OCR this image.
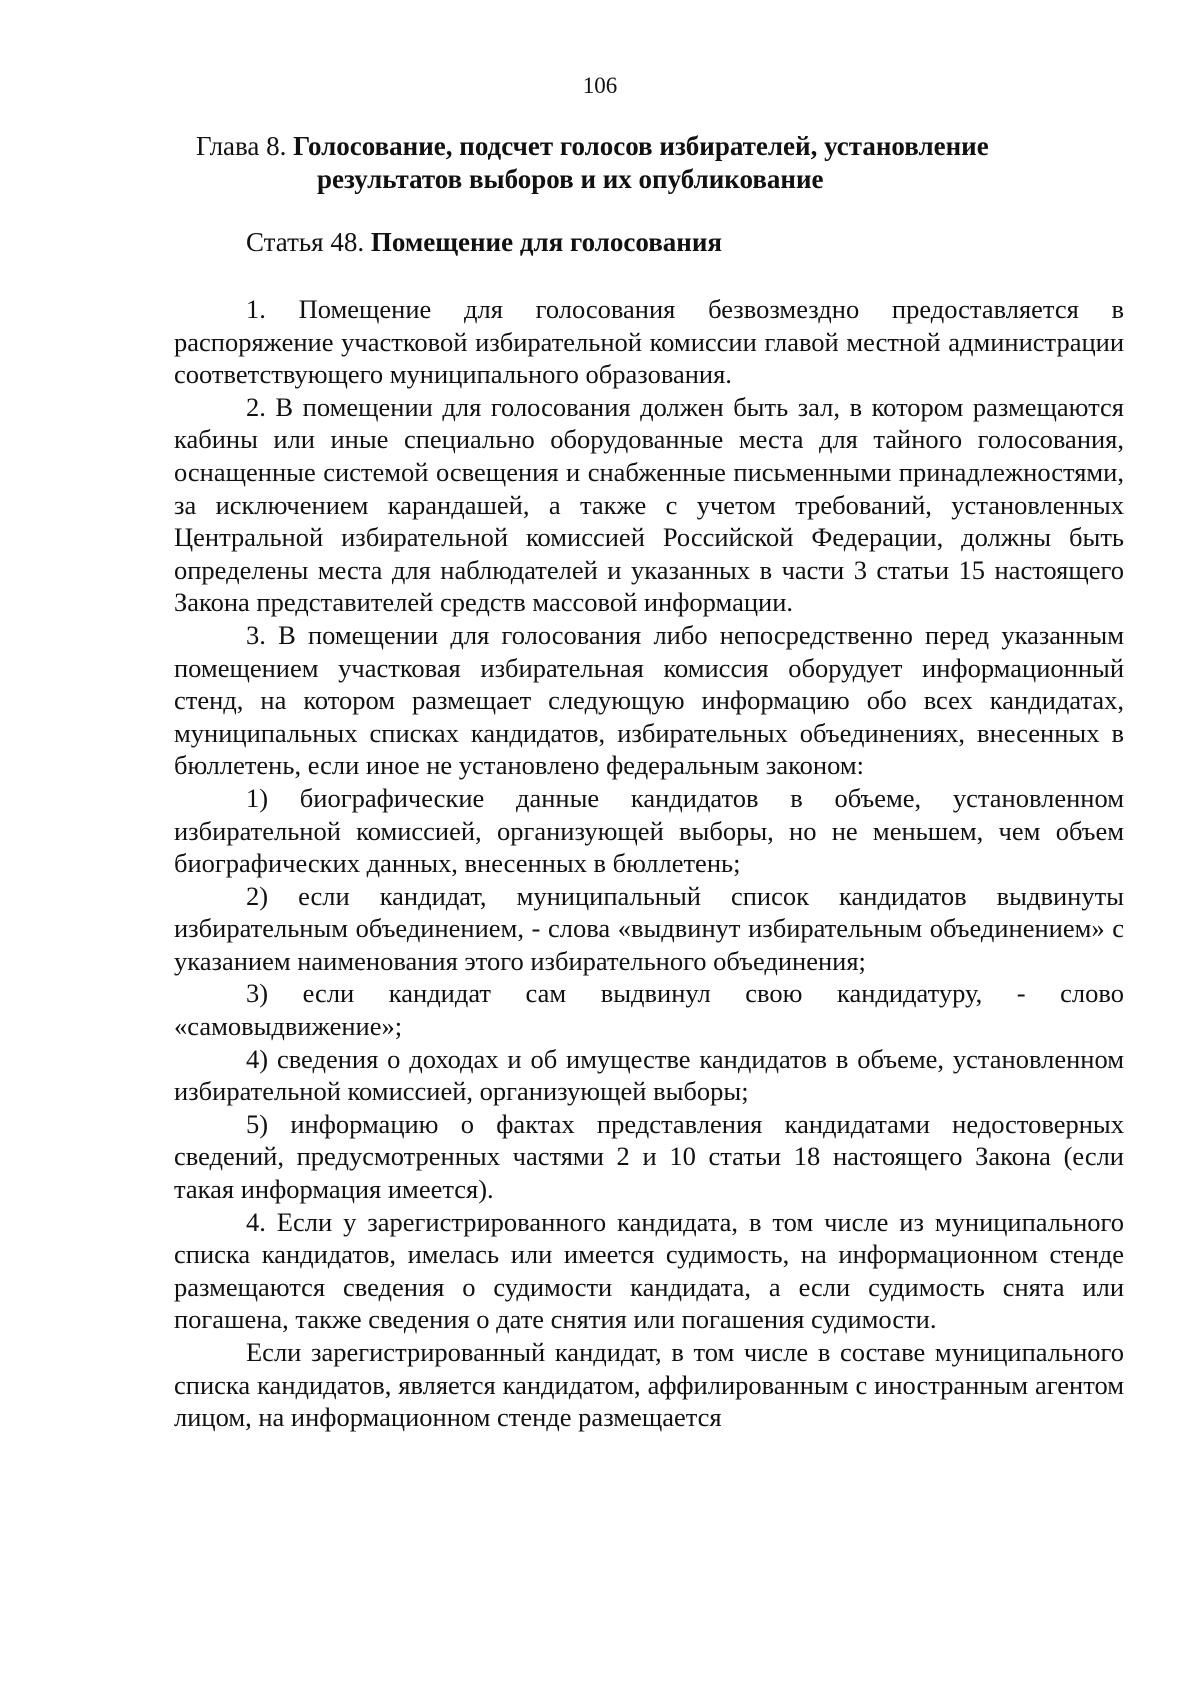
106
Глава 8. Голосование, подсчет голосов избирателей, установление
результатов выборов и их опубликование
Статья 48. Помещение для голосования

1. Помещение для голосования безвозмездно предоставляется в распоряжение участковой избирательной комиссии главой местной администрации соответствующего муниципального образования.

2. В помещении для голосования должен быть зал, в котором размещаются кабины или иные специально оборудованные места для тайного голосования, оснащенные системой освещения и снабженные письменными принадлежностями, за исключением карандашей, а также с учетом требований, установленных Центральной избирательной комиссией Российской Федерации, должны быть определены места для наблюдателей и указанных в части 3 статьи 15 настоящего Закона представителей средств массовой информации.

3. В помещении для голосования либо непосредственно перед указанным помещением участковая избирательная комиссия оборудует информационный стенд, на котором размещает следующую информацию обо всех кандидатах, муниципальных списках кандидатов, избирательных объединениях, внесенных в бюллетень, если иное не установлено федеральным законом:

1) биографические данные кандидатов в объеме, установленном избирательной комиссией, организующей выборы, но не меньшем, чем объем биографических данных, внесенных в бюллетень;

2) если кандидат, муниципальный список кандидатов выдвинуты избирательным объединением, - слова «выдвинут избирательным объединением» с указанием наименования этого избирательного объединения;

3) если кандидат сам выдвинул свою кандидатуру, - слово «самовыдвижение»;

4) сведения о доходах и об имуществе кандидатов в объеме, установленном избирательной комиссией, организующей выборы;

5) информацию о фактах представления кандидатами недостоверных сведений, предусмотренных частями 2 и 10 статьи 18 настоящего Закона (если такая информация имеется).

4. Если у зарегистрированного кандидата, в том числе из муниципального списка кандидатов, имелась или имеется судимость, на информационном стенде размещаются сведения о судимости кандидата, а если судимость снята или погашена, также сведения о дате снятия или погашения судимости.

Если зарегистрированный кандидат, в том числе в составе муниципального списка кандидатов, является кандидатом, аффилированным с иностранным агентом лицом, на информационном стенде размещается
